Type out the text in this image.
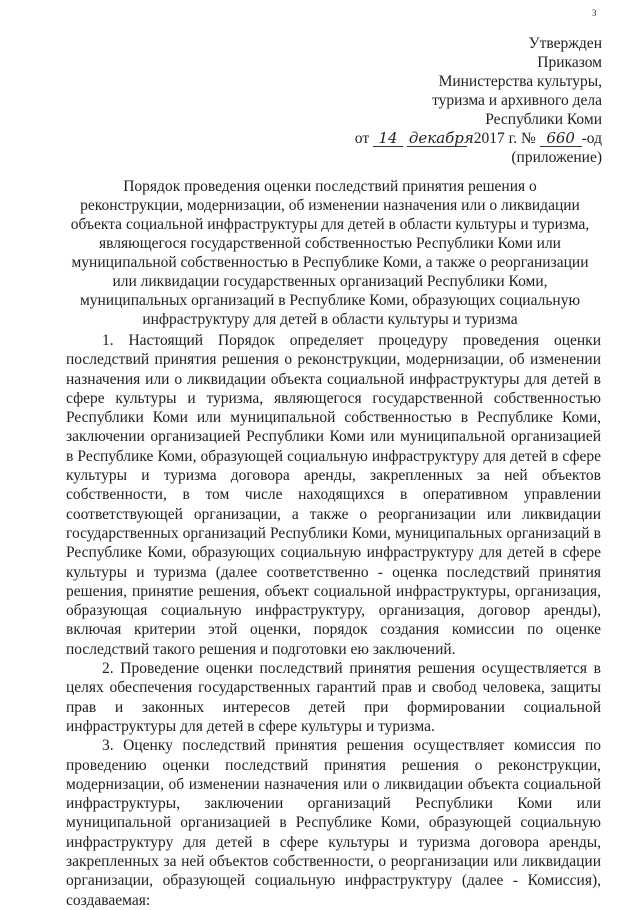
3
Утвержден
Приказом
Министерства культуры,
туризма и архивного дела
Республики Коми
от 14 декабря 2017 г. № 660 -од
(приложение)
Порядок проведения оценки последствий принятия решения о реконструкции, модернизации, об изменении назначения или о ликвидации объекта социальной инфраструктуры для детей в области культуры и туризма, являющегося государственной собственностью Республики Коми или муниципальной собственностью в Республике Коми, а также о реорганизации или ликвидации государственных организаций Республики Коми, муниципальных организаций в Республике Коми, образующих социальную инфраструктуру для детей в области культуры и туризма

1. Настоящий Порядок определяет процедуру проведения оценки последствий принятия решения о реконструкции, модернизации, об изменении назначения или о ликвидации объекта социальной инфраструктуры для детей в сфере культуры и туризма, являющегося государственной собственностью Республики Коми или муниципальной собственностью в Республике Коми, заключении организацией Республики Коми или муниципальной организацией в Республике Коми, образующей социальную инфраструктуру для детей в сфере культуры и туризма договора аренды, закрепленных за ней объектов собственности, в том числе находящихся в оперативном управлении соответствующей организации, а также о реорганизации или ликвидации государственных организаций Республики Коми, муниципальных организаций в Республике Коми, образующих социальную инфраструктуру для детей в сфере культуры и туризма (далее соответственно - оценка последствий принятия решения, принятие решения, объект социальной инфраструктуры, организация, образующая социальную инфраструктуру, организация, договор аренды), включая критерии этой оценки, порядок создания комиссии по оценке последствий такого решения и подготовки ею заключений.

2. Проведение оценки последствий принятия решения осуществляется в целях обеспечения государственных гарантий прав и свобод человека, защиты прав и законных интересов детей при формировании социальной инфраструктуры для детей в сфере культуры и туризма.

3. Оценку последствий принятия решения осуществляет комиссия по проведению оценки последствий принятия решения о реконструкции, модернизации, об изменении назначения или о ликвидации объекта социальной инфраструктуры, заключении организаций Республики Коми или муниципальной организацией в Республике Коми, образующей социальную инфраструктуру для детей в сфере культуры и туризма договора аренды, закрепленных за ней объектов собственности, о реорганизации или ликвидации организации, образующей социальную инфраструктуру (далее - Комиссия), создаваемая:
